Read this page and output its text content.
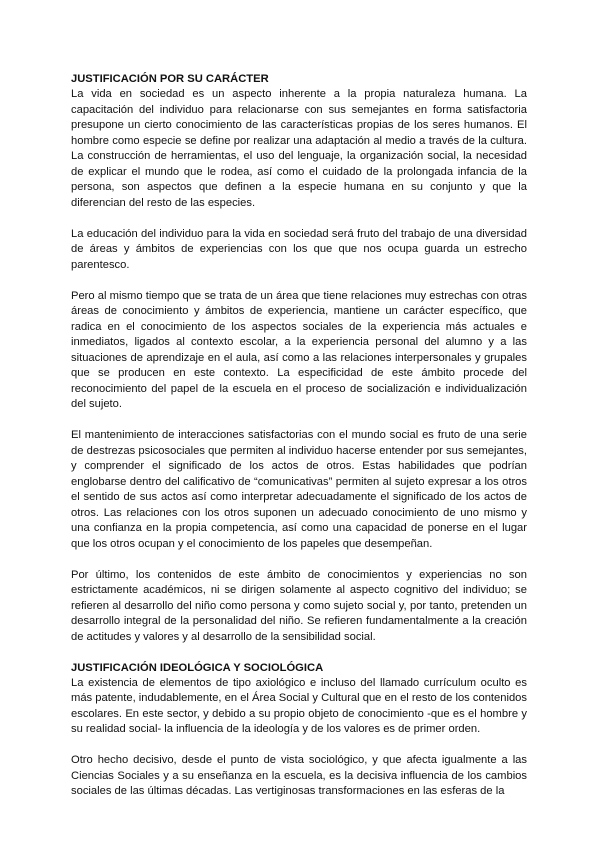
JUSTIFICACIÓN POR SU CARÁCTER

La vida en sociedad es un aspecto inherente a la propia naturaleza humana. La capacitación del individuo para relacionarse con sus semejantes en forma satisfactoria presupone un cierto conocimiento de las características propias de los seres humanos. El hombre como especie se define por realizar una adaptación al medio a través de la cultura. La construcción de herramientas, el uso del lenguaje, la organización social, la necesidad de explicar el mundo que le rodea, así como el cuidado de la prolongada infancia de la persona, son aspectos que definen a la especie humana en su conjunto y que la diferencian del resto de las especies.

La educación del individuo para la vida en sociedad será fruto del trabajo de una diversidad de áreas y ámbitos de experiencias con los que que nos ocupa guarda un estrecho parentesco.

Pero al mismo tiempo que se trata de un área que tiene relaciones muy estrechas con otras áreas de conocimiento y ámbitos de experiencia, mantiene un carácter específico, que radica en el conocimiento de los aspectos sociales de la experiencia más actuales e inmediatos, ligados al contexto escolar, a la experiencia personal del alumno y a las situaciones de aprendizaje en el aula, así como a las relaciones interpersonales y grupales que se producen en este contexto. La especificidad de este ámbito procede del reconocimiento del papel de la escuela en el proceso de socialización e individualización del sujeto.

El mantenimiento de interacciones satisfactorias con el mundo social es fruto de una serie de destrezas psicosociales que permiten al individuo hacerse entender por sus semejantes, y comprender el significado de los actos de otros. Estas habilidades que podrían englobarse dentro del calificativo de “comunicativas” permiten al sujeto expresar a los otros el sentido de sus actos así como interpretar adecuadamente el significado de los actos de otros. Las relaciones con los otros suponen un adecuado conocimiento de uno mismo y una confianza en la propia competencia, así como una capacidad de ponerse en el lugar que los otros ocupan y el conocimiento de los papeles que desempeñan.

Por último, los contenidos de este ámbito de conocimientos y experiencias no son estrictamente académicos, ni se dirigen solamente al aspecto cognitivo del individuo; se refieren al desarrollo del niño como persona y como sujeto social y, por tanto, pretenden un desarrollo integral de la personalidad del niño. Se refieren fundamentalmente a la creación de actitudes y valores y al desarrollo de la sensibilidad social.

JUSTIFICACIÓN IDEOLÓGICA Y SOCIOLÓGICA

La existencia de elementos de tipo axiológico e incluso del llamado currículum oculto es más patente, indudablemente, en el Área Social y Cultural que en el resto de los contenidos escolares. En este sector, y debido a su propio objeto de conocimiento -que es el hombre y su realidad social- la influencia de la ideología y de los valores es de primer orden.

Otro hecho decisivo, desde el punto de vista sociológico, y que afecta igualmente a las Ciencias Sociales y a su enseñanza en la escuela, es la decisiva influencia de los cambios sociales de las últimas décadas. Las vertiginosas transformaciones en las esferas de la
